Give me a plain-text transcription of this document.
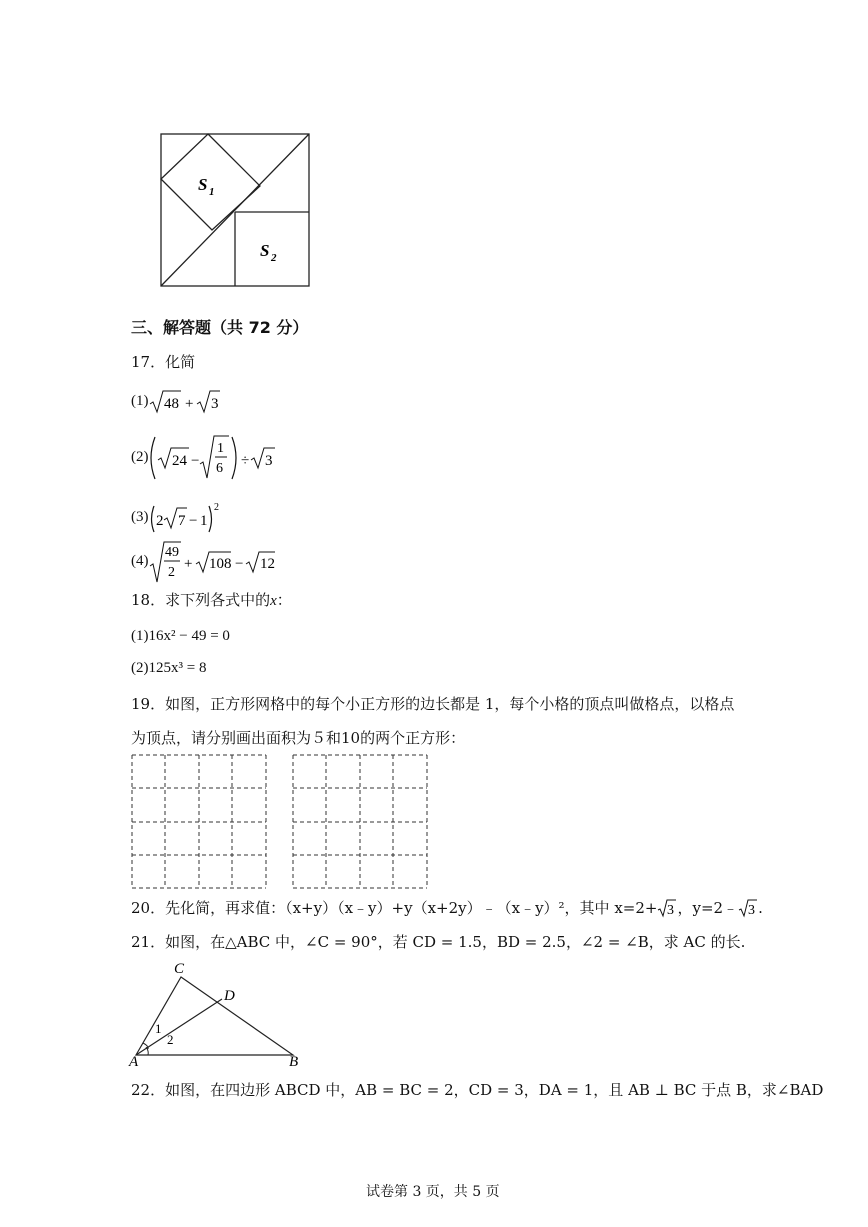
S 1
S 2
三、解答题（共 72 分）
17．化简
(1) 48 + 3
(2) 24 −
1
6 ÷ 3
(3) 2 7 − 1
2
(4)
49
2
+ 108 − 12
18．求下列各式中的x：
(1)16x² − 49 = 0
(2)125x³ = 8
19．如图，正方形网格中的每个小正方形的边长都是 1，每个小格的顶点叫做格点，以格点
为顶点，请分别画出面积为５和10的两个正方形：
20．先化简，再求值：（x+y）（x﹣y）+y（x+2y）﹣（x﹣y）²，其中 x=2+ 3 ，y=2﹣ 3 .
21．如图，在△ABC 中，∠C = 90°，若 CD = 1.5，BD = 2.5，∠2 = ∠B，求 AC 的长.
C
D
A	B
1
2
22．如图，在四边形 ABCD 中，AB = BC = 2，CD = 3，DA = 1，且 AB ⊥ BC 于点 B，求∠BAD
试卷第 3 页，共 5 页
